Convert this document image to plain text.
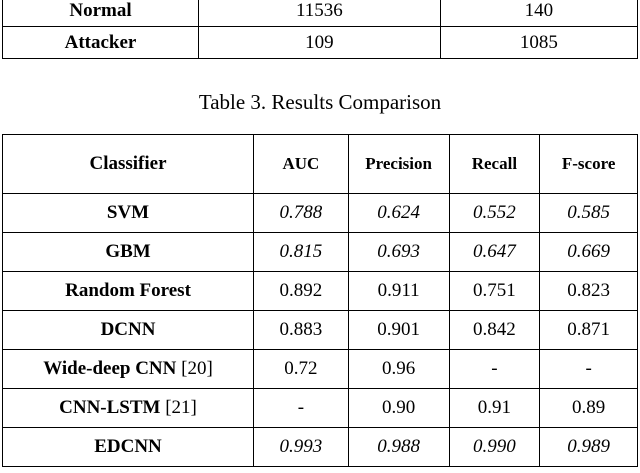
Normal	11536	140
Attacker	109	1085
Table 3. Results Comparison
Classifier	AUC	Precision	Recall	F-score
SVM	0.788	0.624	0.552	0.585
GBM	0.815	0.693	0.647	0.669
Random Forest	0.892	0.911	0.751	0.823
DCNN	0.883	0.901	0.842	0.871
Wide-deep CNN [20]	0.72	0.96	-	-
CNN-LSTM [21]	-	0.90	0.91	0.89
EDCNN	0.993	0.988	0.990	0.989
